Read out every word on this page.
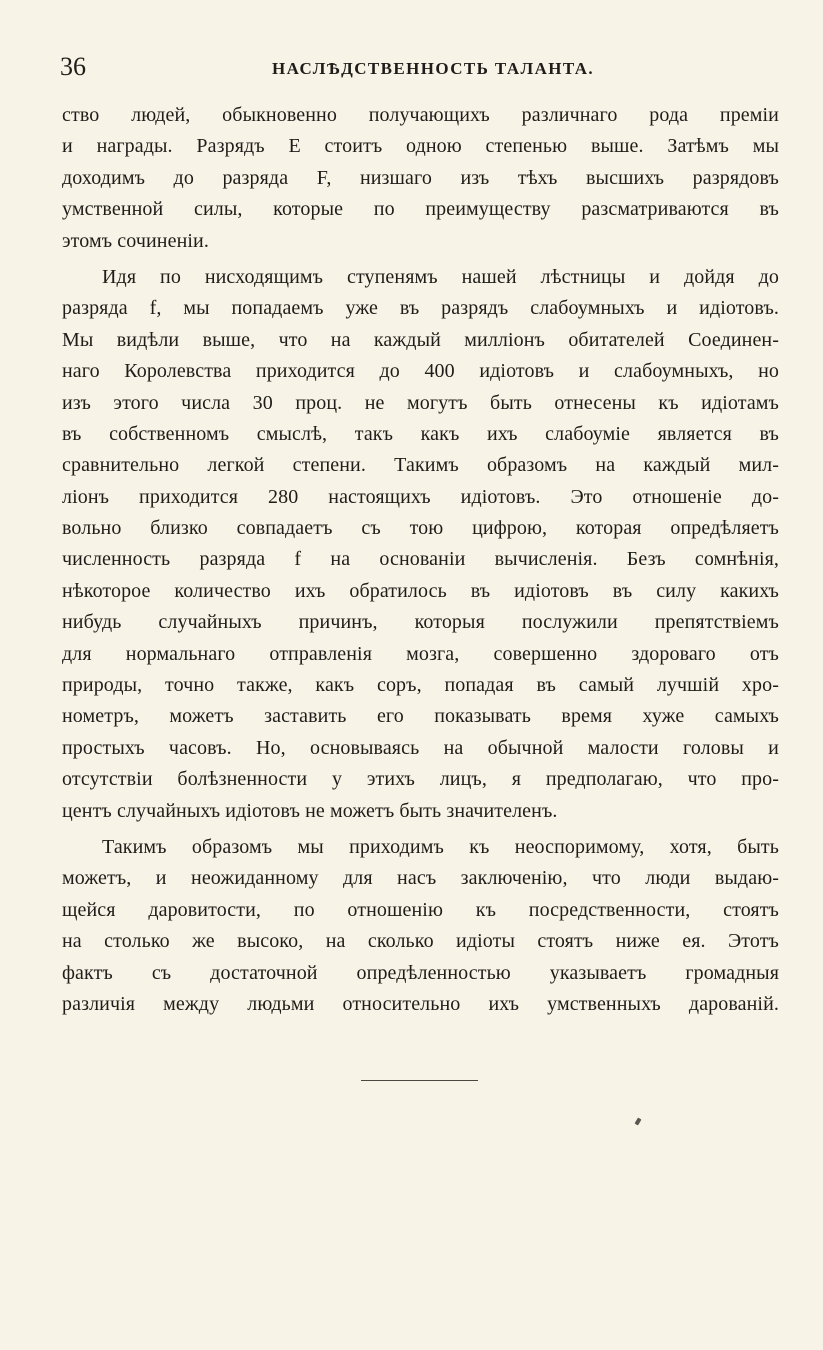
36	НАСЛѢДСТВЕННОСТЬ ТАЛАНТА.
ство людей, обыкновенно получающихъ различнаго рода премiи
и награды. Разрядъ E стоитъ одною степенью выше. Затѣмъ мы
доходимъ до разряда F, низшаго изъ тѣхъ высшихъ разрядовъ
умственной силы, которые по преимуществу разсматриваются въ
этомъ сочиненiи.
Идя по нисходящимъ ступенямъ нашей лѣстницы и дойдя до
разряда f, мы попадаемъ уже въ разрядъ слабоумныхъ и идiотовъ.
Мы видѣли выше, что на каждый миллiонъ обитателей Соединен-
наго Королевства приходится до 400 идiотовъ и слабоумныхъ, но
изъ этого числа 30 проц. не могутъ быть отнесены къ идiотамъ
въ собственномъ смыслѣ, такъ какъ ихъ слабоумiе является въ
сравнительно легкой степени. Такимъ образомъ на каждый мил-
лiонъ приходится 280 настоящихъ идiотовъ. Это отношенiе до-
вольно близко совпадаетъ съ тою цифрою, которая опредѣляетъ
численность разряда f на основанiи вычисленiя. Безъ сомнѣнiя,
нѣкоторое количество ихъ обратилось въ идiотовъ въ силу какихъ
нибудь случайныхъ причинъ, которыя послужили препятствiемъ
для нормальнаго отправленiя мозга, совершенно здороваго отъ
природы, точно также, какъ соръ, попадая въ самый лучшiй хро-
нометръ, можетъ заставить его показывать время хуже самыхъ
простыхъ часовъ. Но, основываясь на обычной малости головы и
отсутствiи болѣзненности у этихъ лицъ, я предполагаю, что про-
центъ случайныхъ идiотовъ не можетъ быть значителенъ.
Такимъ образомъ мы приходимъ къ неоспоримому, хотя, быть
можетъ, и неожиданному для насъ заключенiю, что люди выдаю-
щейся даровитости, по отношенiю къ посредственности, стоятъ
на столько же высоко, на сколько идiоты стоятъ ниже ея. Этотъ
фактъ съ достаточной опредѣленностью указываетъ громадныя
различiя между людьми относительно ихъ умственныхъ дарованiй.
